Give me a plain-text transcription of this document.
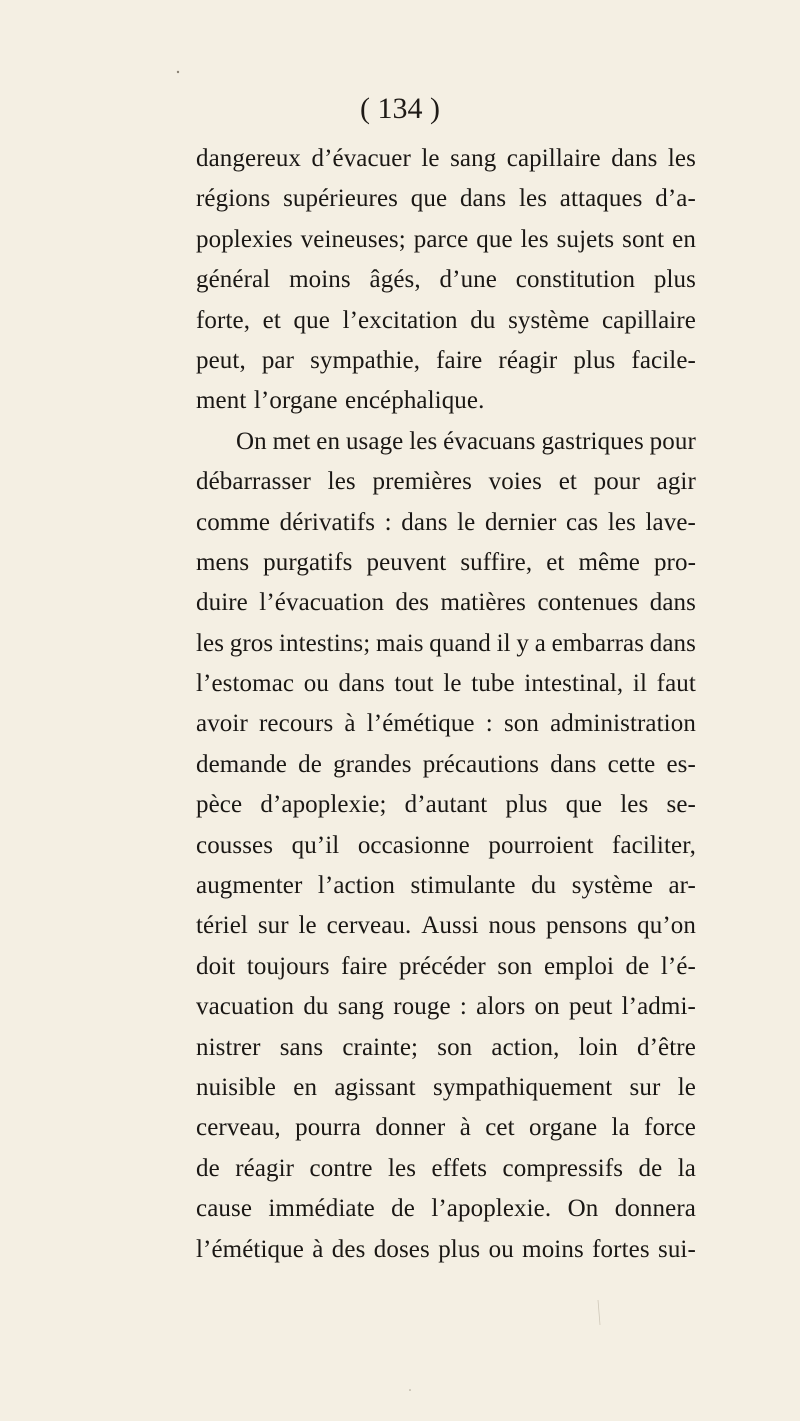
( 134 )
dangereux d’évacuer le sang capillaire dans les
régions supérieures que dans les attaques d’a-
poplexies veineuses; parce que les sujets sont en
général moins âgés, d’une constitution plus
forte, et que l’excitation du système capillaire
peut, par sympathie, faire réagir plus facile-
ment l’organe encéphalique.
On met en usage les évacuans gastriques pour
débarrasser les premières voies et pour agir
comme dérivatifs : dans le dernier cas les lave-
mens purgatifs peuvent suffire, et même pro-
duire l’évacuation des matières contenues dans
les gros intestins; mais quand il y a embarras dans
l’estomac ou dans tout le tube intestinal, il faut
avoir recours à l’émétique : son administration
demande de grandes précautions dans cette es-
pèce d’apoplexie; d’autant plus que les se-
cousses qu’il occasionne pourroient faciliter,
augmenter l’action stimulante du système ar-
tériel sur le cerveau. Aussi nous pensons qu’on
doit toujours faire précéder son emploi de l’é-
vacuation du sang rouge : alors on peut l’admi-
nistrer sans crainte; son action, loin d’être
nuisible en agissant sympathiquement sur le
cerveau, pourra donner à cet organe la force
de réagir contre les effets compressifs de la
cause immédiate de l’apoplexie. On donnera
l’émétique à des doses plus ou moins fortes sui-
